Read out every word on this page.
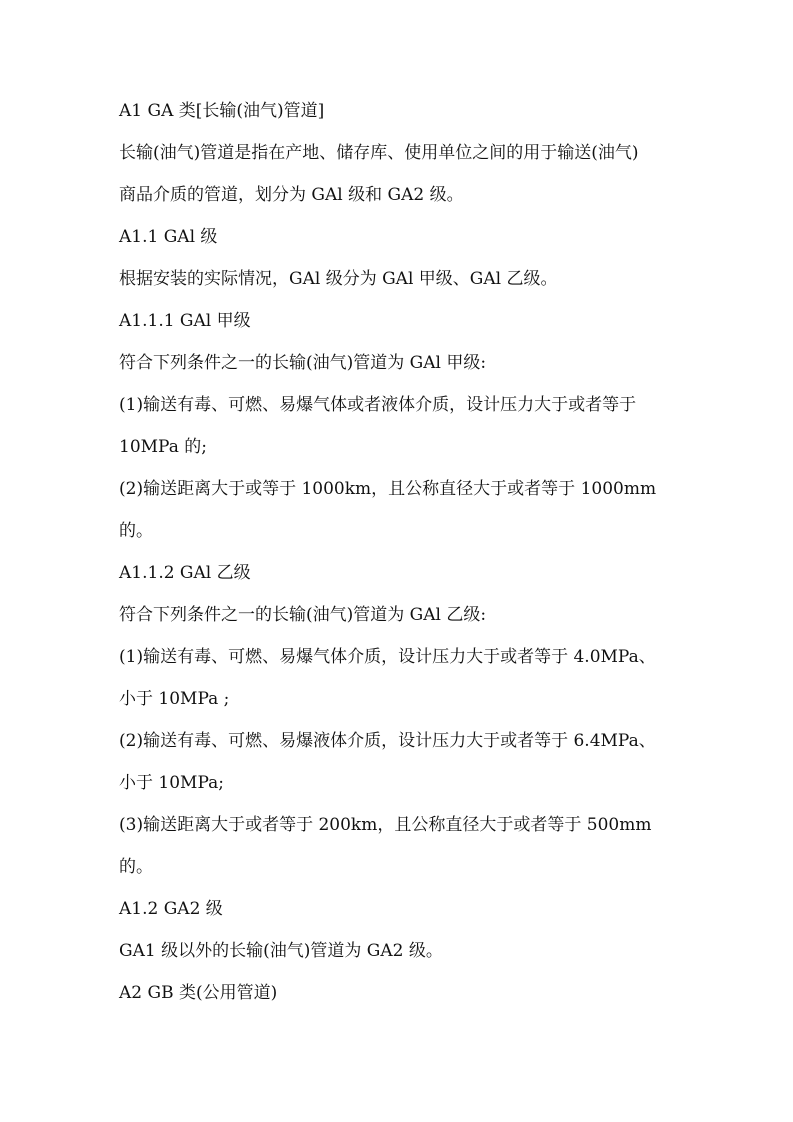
A1 GA 类[长输(油气)管道]
长输(油气)管道是指在产地、储存库、使用单位之间的用于输送(油气)
商品介质的管道，划分为 GAl 级和 GA2 级。
A1.1 GAl 级
根据安装的实际情况，GAl 级分为 GAl 甲级、GAl 乙级。
A1.1.1 GAl 甲级
符合下列条件之一的长输(油气)管道为 GAl 甲级:
(1)输送有毒、可燃、易爆气体或者液体介质，设计压力大于或者等于
10MPa 的;
(2)输送距离大于或等于 1000km，且公称直径大于或者等于 1000mm
的。
A1.1.2 GAl 乙级
符合下列条件之一的长输(油气)管道为 GAl 乙级:
(1)输送有毒、可燃、易爆气体介质，设计压力大于或者等于 4.0MPa、
小于 10MPa ;
(2)输送有毒、可燃、易爆液体介质，设计压力大于或者等于 6.4MPa、
小于 10MPa;
(3)输送距离大于或者等于 200km，且公称直径大于或者等于 500mm
的。
A1.2 GA2 级
GA1 级以外的长输(油气)管道为 GA2 级。
A2 GB 类(公用管道)
